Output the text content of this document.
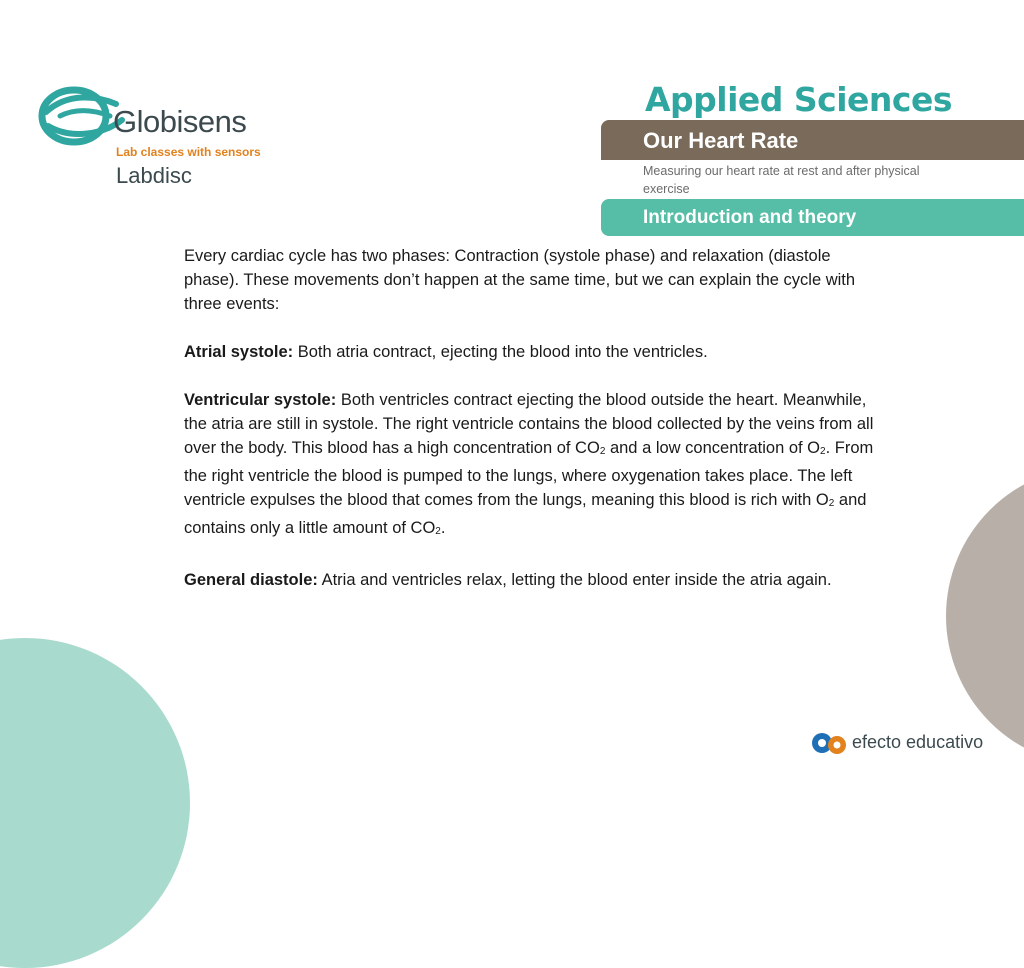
Globisens
Lab classes with sensors
Labdisc
Applied Sciences
Our Heart Rate
Measuring our heart rate at rest and after physical exercise
Introduction and theory

Every cardiac cycle has two phases: Contraction (systole phase) and relaxation (diastole phase). These movements don’t happen at the same time, but we can explain the cycle with three events:

Atrial systole: Both atria contract, ejecting the blood into the ventricles.

Ventricular systole: Both ventricles contract ejecting the blood outside the heart. Meanwhile, the atria are still in systole. The right ventricle contains the blood collected by the veins from all over the body. This blood has a high concentration of $CO_2$ and a low concentration of $O_2$. From the right ventricle the blood is pumped to the lungs, where oxygenation takes place. The left ventricle expulses the blood that comes from the lungs, meaning this blood is rich with $O_2$ and contains only a little amount of $CO_2$.

General diastole: Atria and ventricles relax, letting the blood enter inside the atria again.

efecto educativo
